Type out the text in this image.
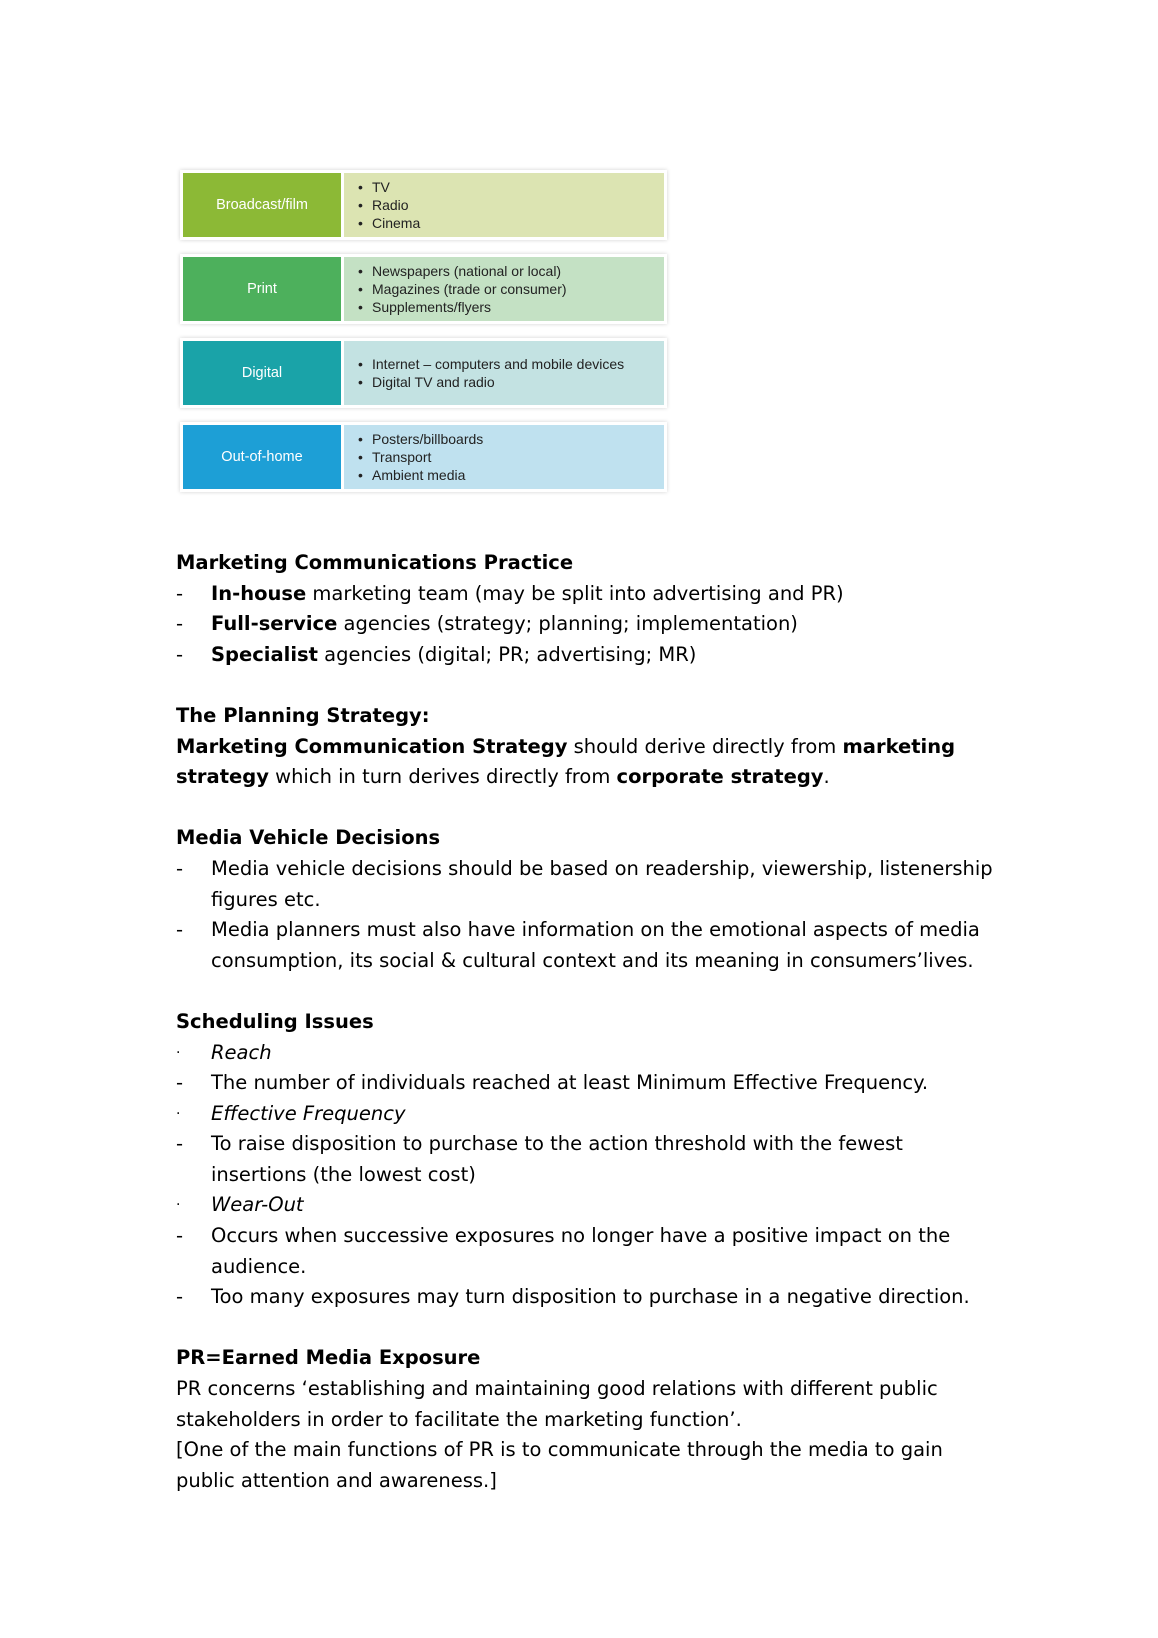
Broadcast/film
• TV
• Radio
• Cinema
Print
• Newspapers (national or local)
• Magazines (trade or consumer)
• Supplements/flyers
Digital
• Internet – computers and mobile devices
• Digital TV and radio
Out-of-home
• Posters/billboards
• Transport
• Ambient media

Marketing Communications Practice

- In-house marketing team (may be split into advertising and PR)

- Full-service agencies (strategy; planning; implementation)

- Specialist agencies (digital; PR; advertising; MR)

The Planning Strategy:

Marketing Communication Strategy should derive directly from marketing strategy which in turn derives directly from corporate strategy.

Media Vehicle Decisions

- Media vehicle decisions should be based on readership, viewership, listenership figures etc.

- Media planners must also have information on the emotional aspects of media consumption, its social & cultural context and its meaning in consumers’lives.

Scheduling Issues

· Reach

- The number of individuals reached at least Minimum Effective Frequency.

· Effective Frequency

- To raise disposition to purchase to the action threshold with the fewest insertions (the lowest cost)

· Wear-Out

- Occurs when successive exposures no longer have a positive impact on the audience.

- Too many exposures may turn disposition to purchase in a negative direction.

PR=Earned Media Exposure

PR concerns ‘establishing and maintaining good relations with different public stakeholders in order to facilitate the marketing function’.

[One of the main functions of PR is to communicate through the media to gain public attention and awareness.]
